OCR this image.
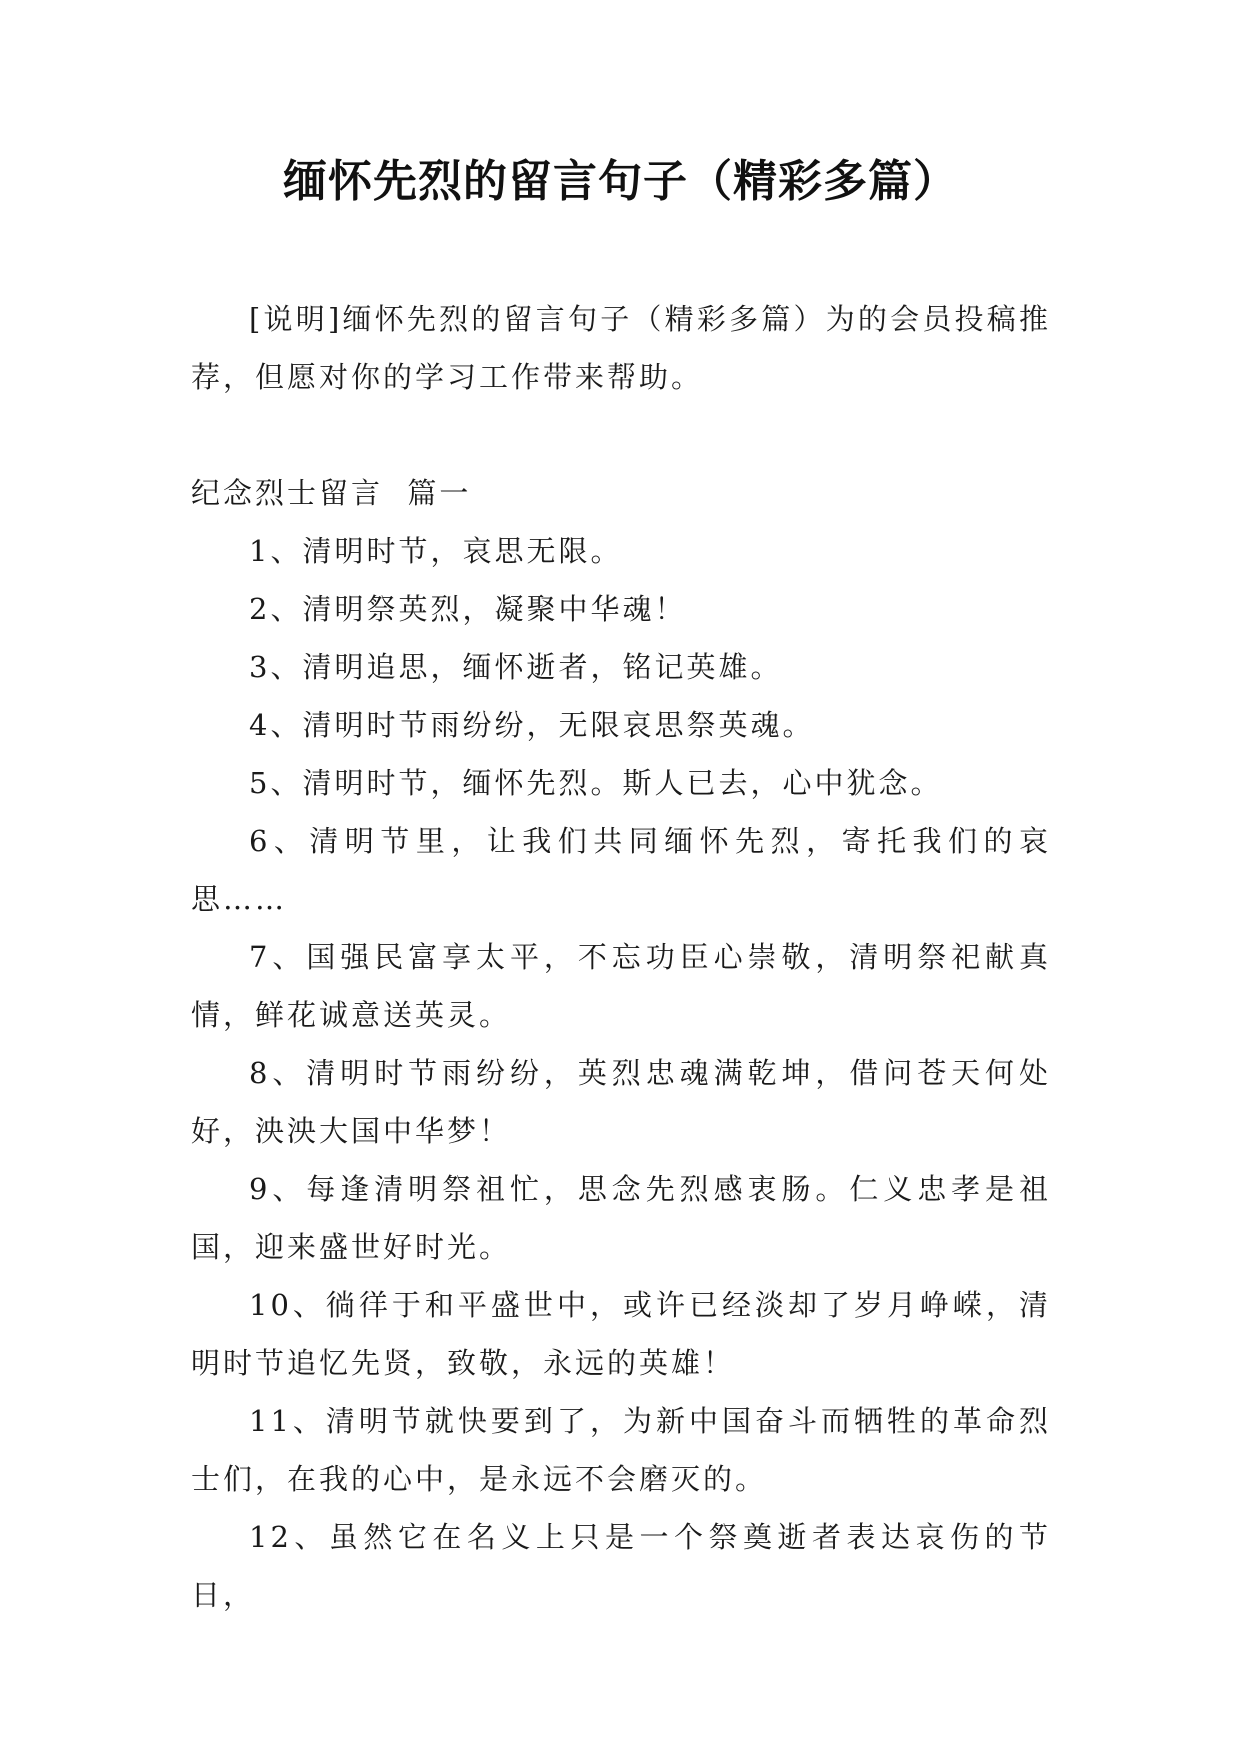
缅怀先烈的留言句子（精彩多篇）

[说明]缅怀先烈的留言句子（精彩多篇）为的会员投稿推荐，但愿对你的学习工作带来帮助。

纪念烈士留言  篇一

1、清明时节，哀思无限。

2、清明祭英烈，凝聚中华魂！

3、清明追思，缅怀逝者，铭记英雄。

4、清明时节雨纷纷，无限哀思祭英魂。

5、清明时节，缅怀先烈。斯人已去，心中犹念。

6、清明节里，让我们共同缅怀先烈，寄托我们的哀思……

7、国强民富享太平，不忘功臣心崇敬，清明祭祀献真情，鲜花诚意送英灵。

8、清明时节雨纷纷，英烈忠魂满乾坤，借问苍天何处好，泱泱大国中华梦！

9、每逢清明祭祖忙，思念先烈感衷肠。仁义忠孝是祖国，迎来盛世好时光。

10、徜徉于和平盛世中，或许已经淡却了岁月峥嵘，清明时节追忆先贤，致敬，永远的英雄！

11、清明节就快要到了，为新中国奋斗而牺牲的革命烈士们，在我的心中，是永远不会磨灭的。

12、虽然它在名义上只是一个祭奠逝者表达哀伤的节日，
